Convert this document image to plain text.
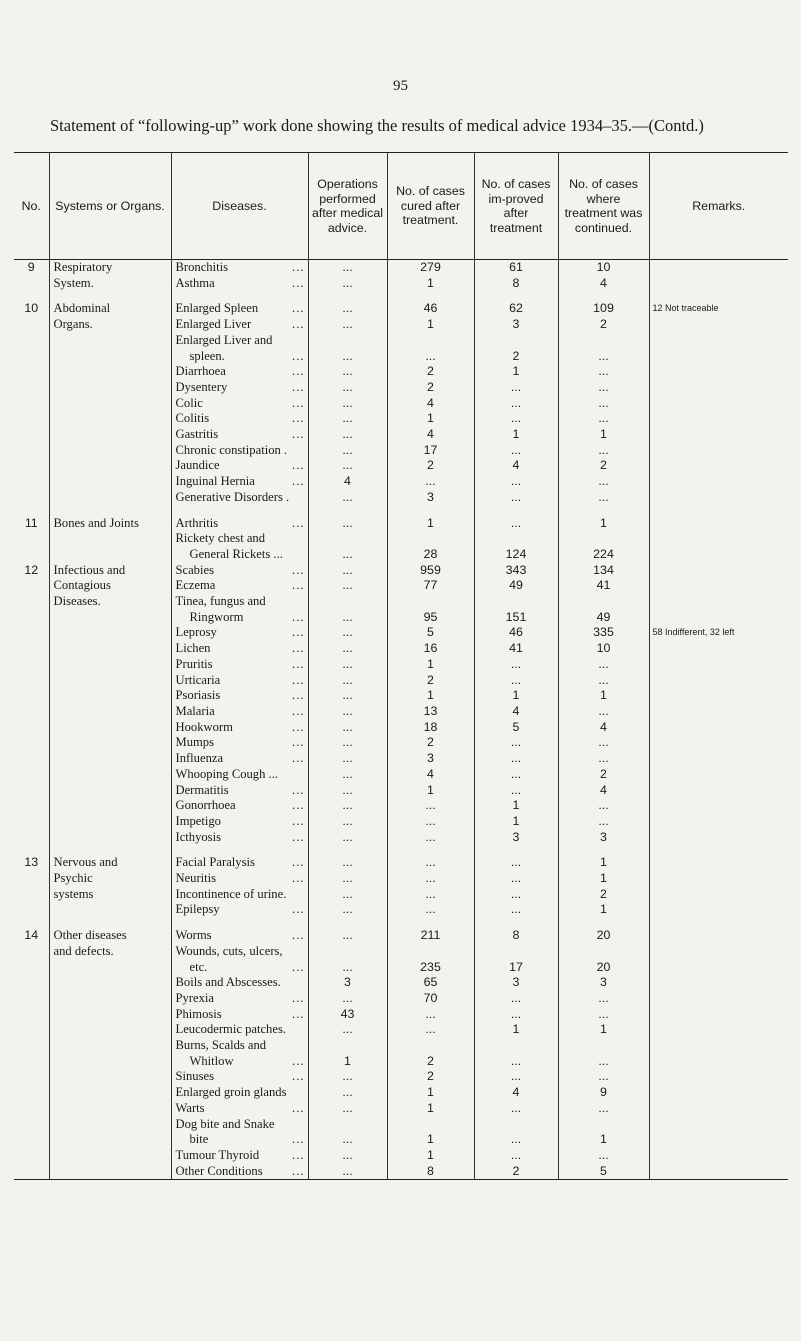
95
Statement of “following-up” work done showing the results of medical advice 1934–35.—(Contd.)
No.	Systems or Organs.	Diseases.	Operations performed after medical advice.	No. of cases cured after treatment.	No. of cases im-proved after treatment	No. of cases where treatment was continued.	Remarks.
9	Respiratory	Bronchitis ...	...	279	61	10	
	System.	Asthma ...	...	1	8	4	

10	Abdominal	Enlarged Spleen ...	...	46	62	109	12 Not traceable
	Organs.	Enlarged Liver ...	...	1	3	2	
		Enlarged Liver and					
		spleen. ...	...	...	2	...	
		Diarrhoea ...	...	2	1	...	
		Dysentery ...	...	2	...	...	
		Colic ...	...	4	...	...	
		Colitis ...	...	1	...	...	
		Gastritis ...	...	4	1	1	
		Chronic constipation .	...	17	...	...	
		Jaundice ...	...	2	4	2	
		Inguinal Hernia ...	4	...	...	...	
		Generative Disorders .	...	3	...	...	

11	Bones and Joints	Arthritis ...	...	1	...	1	
		Rickety chest and					
		General Rickets ...	...	28	124	224	
12	Infectious and	Scabies ...	...	959	343	134	
	Contagious	Eczema ...	...	77	49	41	
	Diseases.	Tinea, fungus and					
		Ringworm ...	...	95	151	49	
		Leprosy ...	...	5	46	335	58 Indifferent, 32 left
		Lichen ...	...	16	41	10	
		Pruritis ...	...	1	...	...	
		Urticaria ...	...	2	...	...	
		Psoriasis ...	...	1	1	1	
		Malaria ...	...	13	4	...	
		Hookworm ...	...	18	5	4	
		Mumps ...	...	2	...	...	
		Influenza ...	...	3	...	...	
		Whooping Cough ...	...	4	...	2	
		Dermatitis ...	...	1	...	4	
		Gonorrhoea ...	...	...	1	...	
		Impetigo ...	...	...	1	...	
		Icthyosis ...	...	...	3	3	

13	Nervous and	Facial Paralysis ...	...	...	...	1	
	Psychic	Neuritis ...	...	...	...	1	
	systems	Incontinence of urine.	...	...	...	2	
		Epilepsy ...	...	...	...	1	

14	Other diseases	Worms ...	...	211	8	20	
	and defects.	Wounds, cuts, ulcers,					
		etc. ...	...	235	17	20	
		Boils and Abscesses.	3	65	3	3	
		Pyrexia ...	...	70	...	...	
		Phimosis ...	43	...	...	...	
		Leucodermic patches.	...	...	1	1	
		Burns, Scalds and					
		Whitlow ...	1	2	...	...	
		Sinuses ...	...	2	...	...	
		Enlarged groin glands	...	1	4	9	
		Warts ...	...	1	...	...	
		Dog bite and Snake					
		bite ...	...	1	...	1	
		Tumour Thyroid ...	...	1	...	...	
		Other Conditions ...	...	8	2	5	
